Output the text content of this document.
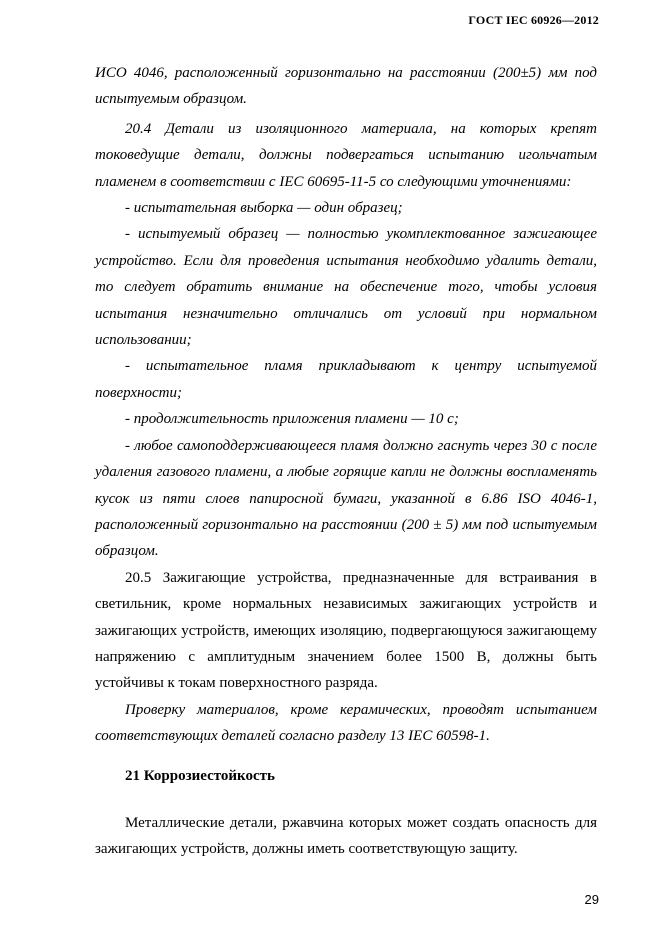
ГОСТ IEC 60926—2012

ИСО 4046, расположенный горизонтально на расстоянии (200±5) мм под испытуемым образцом.

20.4 Детали из изоляционного материала, на которых крепят токоведущие детали, должны подвергаться испытанию игольчатым пламенем в соответствии с IEC 60695-11-5 со следующими уточнениями:

- испытательная выборка — один образец;

- испытуемый образец — полностью укомплектованное зажигающее устройство. Если для проведения испытания необходимо удалить детали, то следует обратить внимание на обеспечение того, чтобы условия испытания незначительно отличались от условий при нормальном использовании;

- испытательное пламя прикладывают к центру испытуемой поверхности;

- продолжительность приложения пламени — 10 с;

- любое самоподдерживающееся пламя должно гаснуть через 30 с после удаления газового пламени, а любые горящие капли не должны воспламенять кусок из пяти слоев папиросной бумаги, указанной в 6.86 ISO 4046-1, расположенный горизонтально на расстоянии (200 ± 5) мм под испытуемым образцом.

20.5 Зажигающие устройства, предназначенные для встраивания в светильник, кроме нормальных независимых зажигающих устройств и зажигающих устройств, имеющих изоляцию, подвергающуюся зажигающему напряжению с амплитудным значением более 1500 В, должны быть устойчивы к токам поверхностного разряда.

Проверку материалов, кроме керамических, проводят испытанием соответствующих деталей согласно разделу 13 IEC 60598-1.

21 Коррозиестойкость

Металлические детали, ржавчина которых может создать опасность для зажигающих устройств, должны иметь соответствующую защиту.

29
